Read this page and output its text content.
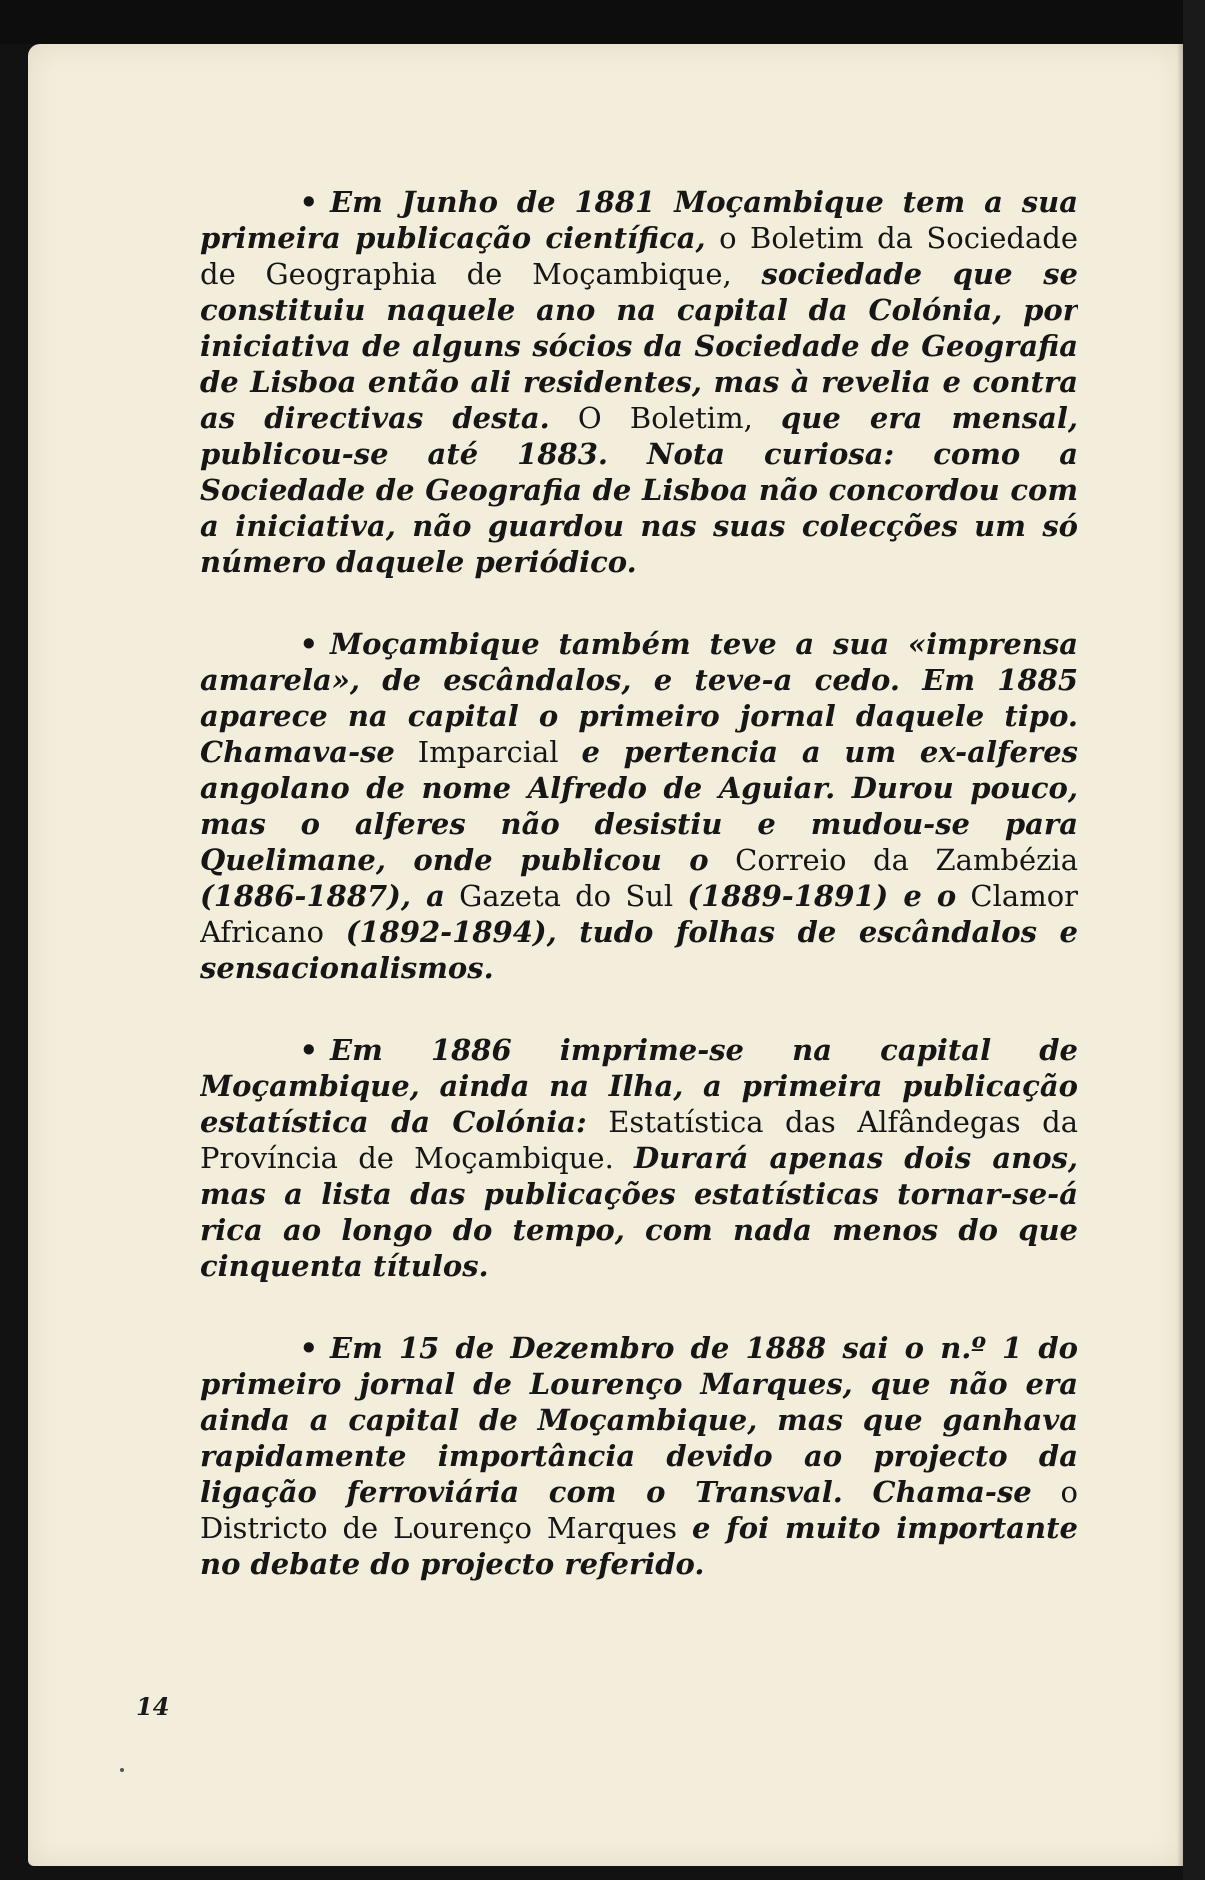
• Em Junho de 1881 Moçambique tem a sua primeira publicação científica, o Boletim da Sociedade de Geographia de Moçambique, sociedade que se constituiu naquele ano na capital da Colónia, por iniciativa de alguns sócios da Sociedade de Geografia de Lisboa então ali residentes, mas à revelia e contra as directivas desta. O Boletim, que era mensal, publicou-se até 1883. Nota curiosa: como a Sociedade de Geografia de Lisboa não concordou com a iniciativa, não guardou nas suas colecções um só número daquele periódico.

• Moçambique também teve a sua «imprensa amarela», de escândalos, e teve-a cedo. Em 1885 aparece na capital o primeiro jornal daquele tipo. Chamava-se Imparcial e pertencia a um ex-alferes angolano de nome Alfredo de Aguiar. Durou pouco, mas o alferes não desistiu e mudou-se para Quelimane, onde publicou o Correio da Zambézia (1886-1887), a Gazeta do Sul (1889-1891) e o Clamor Africano (1892-1894), tudo folhas de escândalos e sensacionalismos.

• Em 1886 imprime-se na capital de Moçambique, ainda na Ilha, a primeira publicação estatística da Colónia: Estatística das Alfândegas da Província de Moçambique. Durará apenas dois anos, mas a lista das publicações estatísticas tornar-se-á rica ao longo do tempo, com nada menos do que cinquenta títulos.

• Em 15 de Dezembro de 1888 sai o n.º 1 do primeiro jornal de Lourenço Marques, que não era ainda a capital de Moçambique, mas que ganhava rapidamente importância devido ao projecto da ligação ferroviária com o Transval. Chama-se o Districto de Lourenço Marques e foi muito importante no debate do projecto referido.

14
